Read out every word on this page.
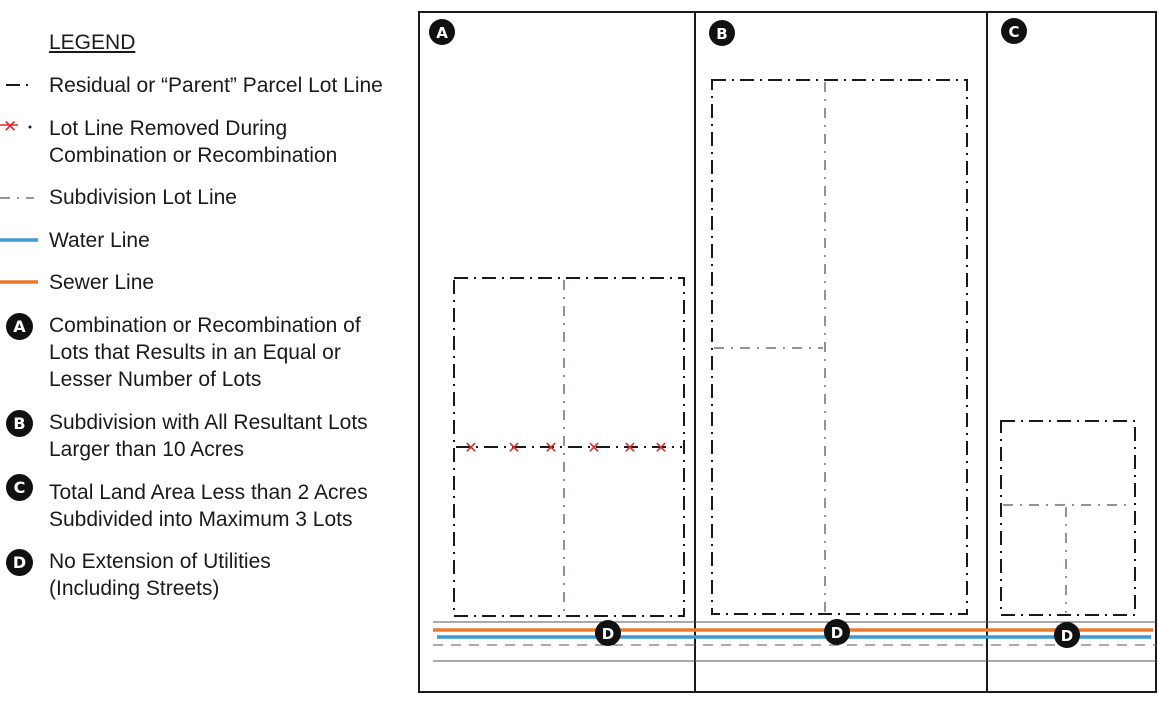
LEGEND
Residual or “Parent” Parcel Lot Line
✕ Lot Line Removed During
Combination or Recombination
Subdivision Lot Line
Water Line
Sewer Line
A	Combination or Recombination of
Lots that Results in an Equal or
Lesser Number of Lots
B	Subdivision with All Resultant Lots
Larger than 10 Acres
C	Total Land Area Less than 2 Acres
Subdivided into Maximum 3 Lots
D	No Extension of Utilities
(Including Streets)
✕ ✕ ✕ ✕ ✕ ✕
A	B	C
D	D	D
